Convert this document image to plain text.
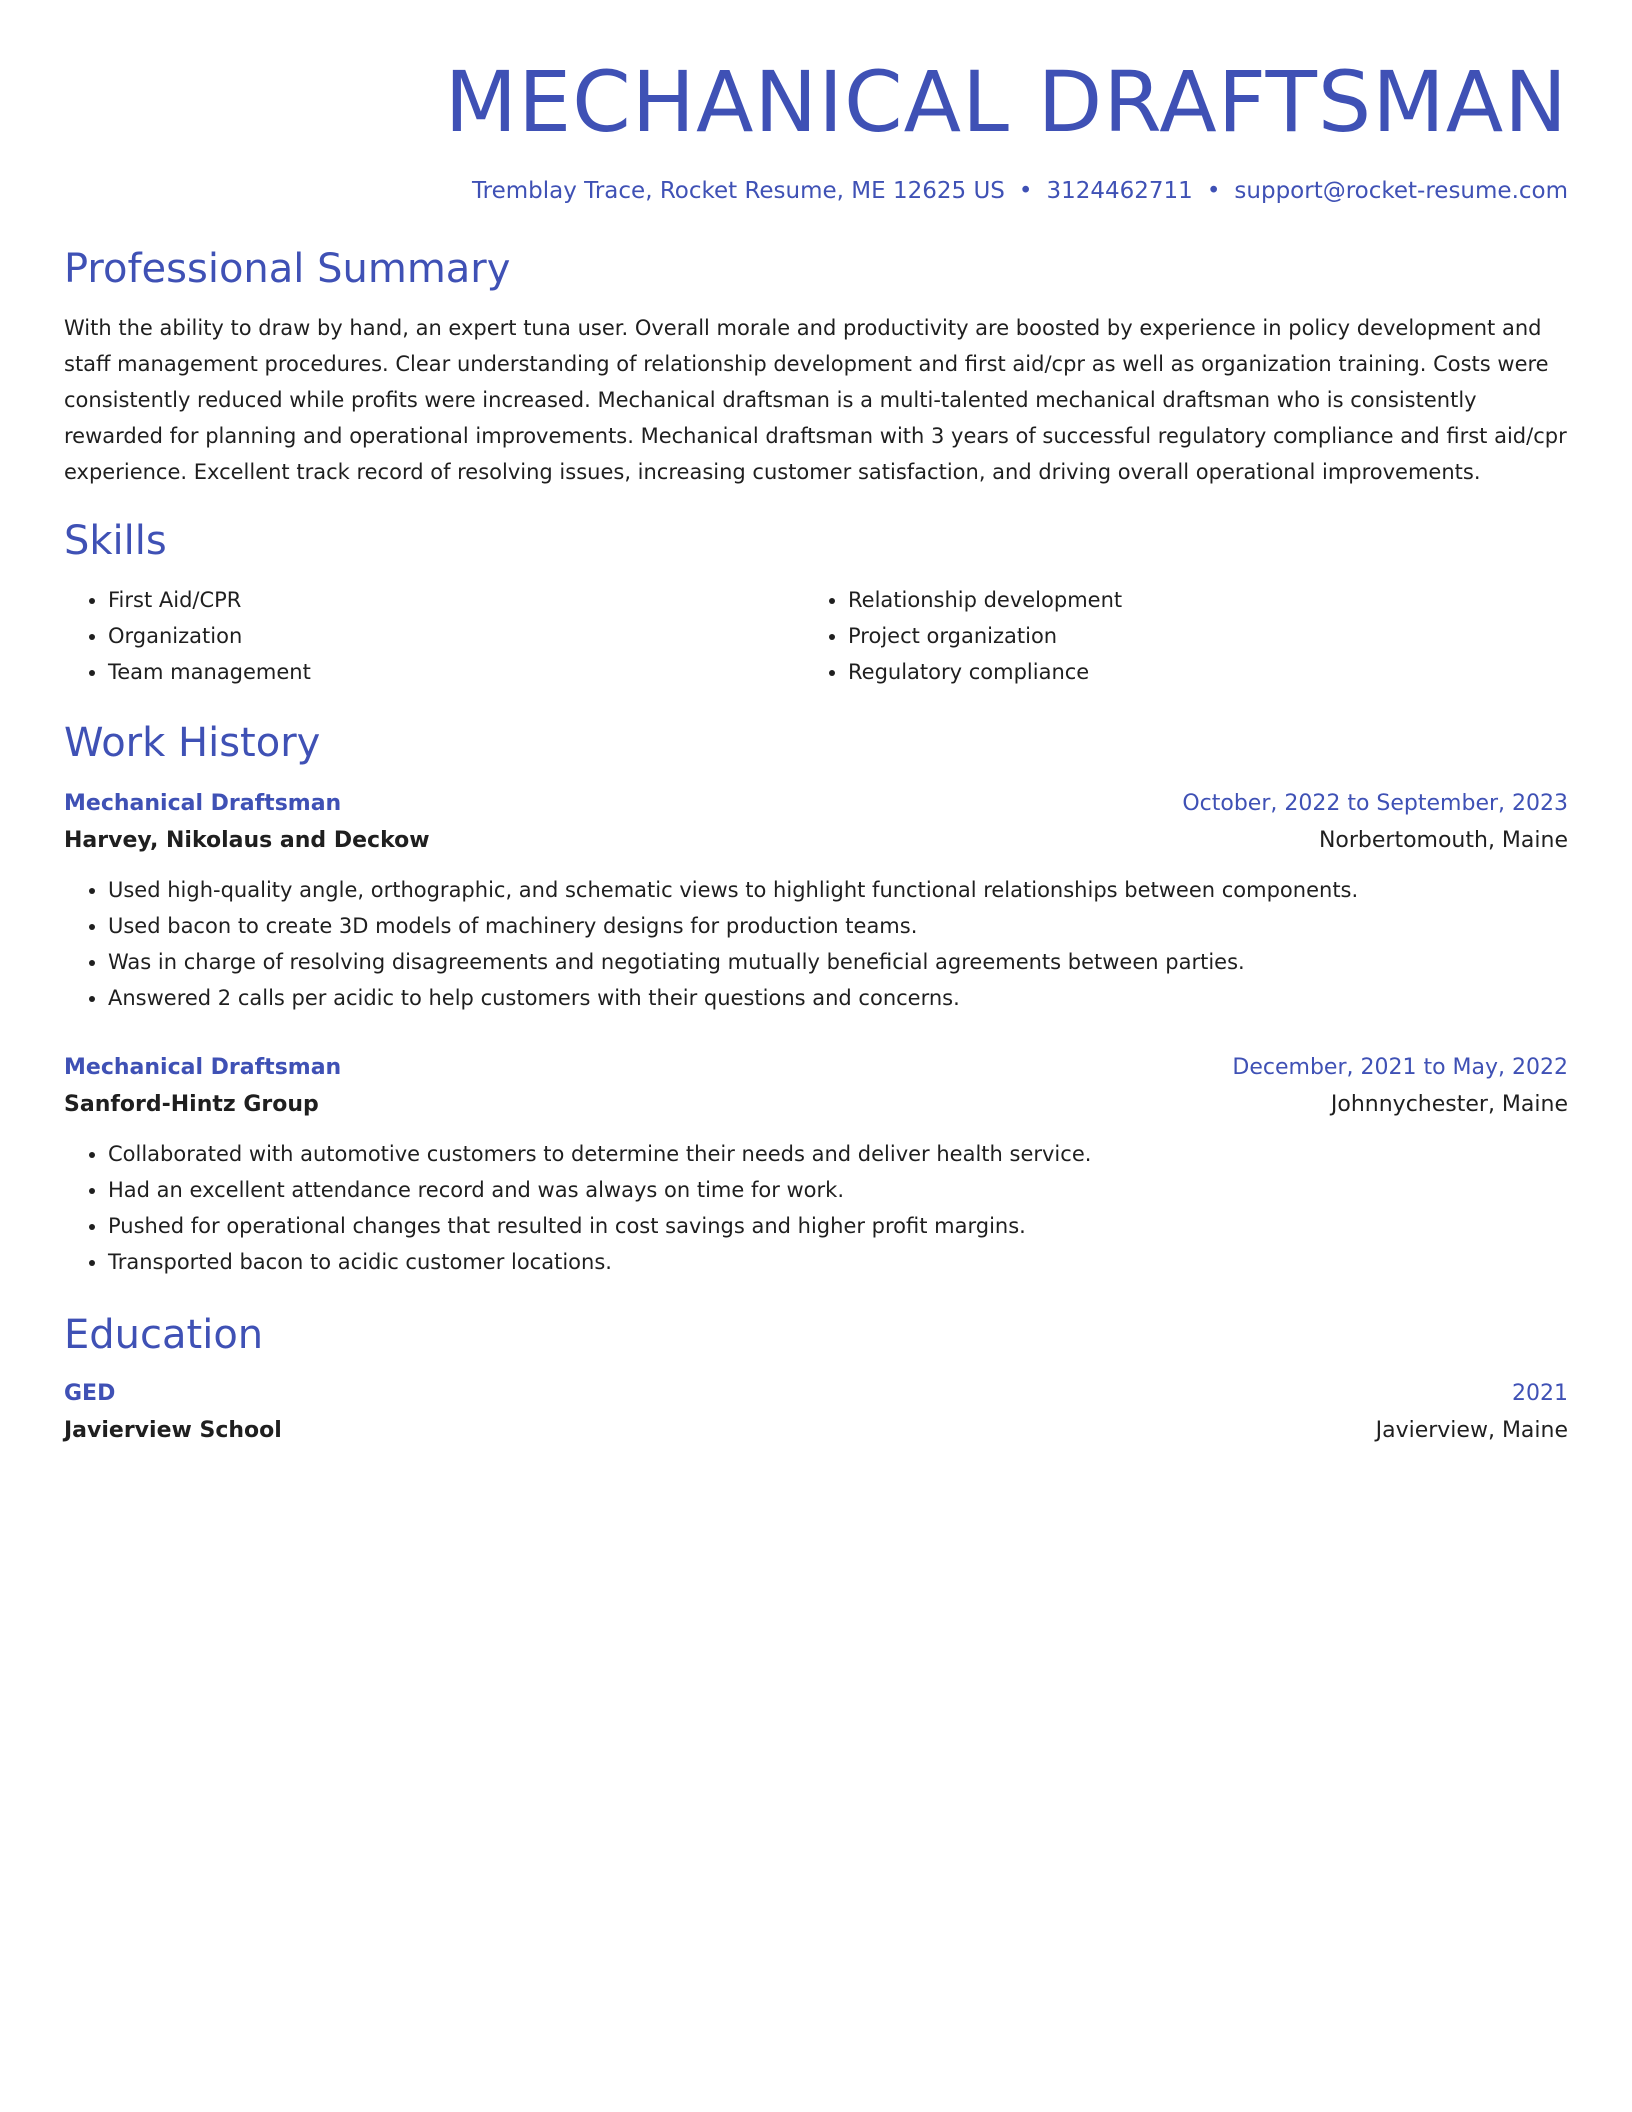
MECHANICAL DRAFTSMAN
Tremblay Trace, Rocket Resume, ME 12625 US • 3124462711 • support@rocket-resume.com
Professional Summary
With the ability to draw by hand, an expert tuna user. Overall morale and productivity are boosted by experience in policy development and staff management procedures. Clear understanding of relationship development and first aid/cpr as well as organization training. Costs were consistently reduced while profits were increased. Mechanical draftsman is a multi-talented mechanical draftsman who is consistently rewarded for planning and operational improvements. Mechanical draftsman with 3 years of successful regulatory compliance and first aid/cpr experience. Excellent track record of resolving issues, increasing customer satisfaction, and driving overall operational improvements.
Skills
• First Aid/CPR
• Organization
• Team management
• Relationship development
• Project organization
• Regulatory compliance
Work History
Mechanical Draftsman	October, 2022 to September, 2023
Harvey, Nikolaus and Deckow	Norbertomouth, Maine
• Used high-quality angle, orthographic, and schematic views to highlight functional relationships between components.
• Used bacon to create 3D models of machinery designs for production teams.
• Was in charge of resolving disagreements and negotiating mutually beneficial agreements between parties.
• Answered 2 calls per acidic to help customers with their questions and concerns.
Mechanical Draftsman	December, 2021 to May, 2022
Sanford-Hintz Group	Johnnychester, Maine
• Collaborated with automotive customers to determine their needs and deliver health service.
• Had an excellent attendance record and was always on time for work.
• Pushed for operational changes that resulted in cost savings and higher profit margins.
• Transported bacon to acidic customer locations.
Education
GED	2021
Javierview School	Javierview, Maine
